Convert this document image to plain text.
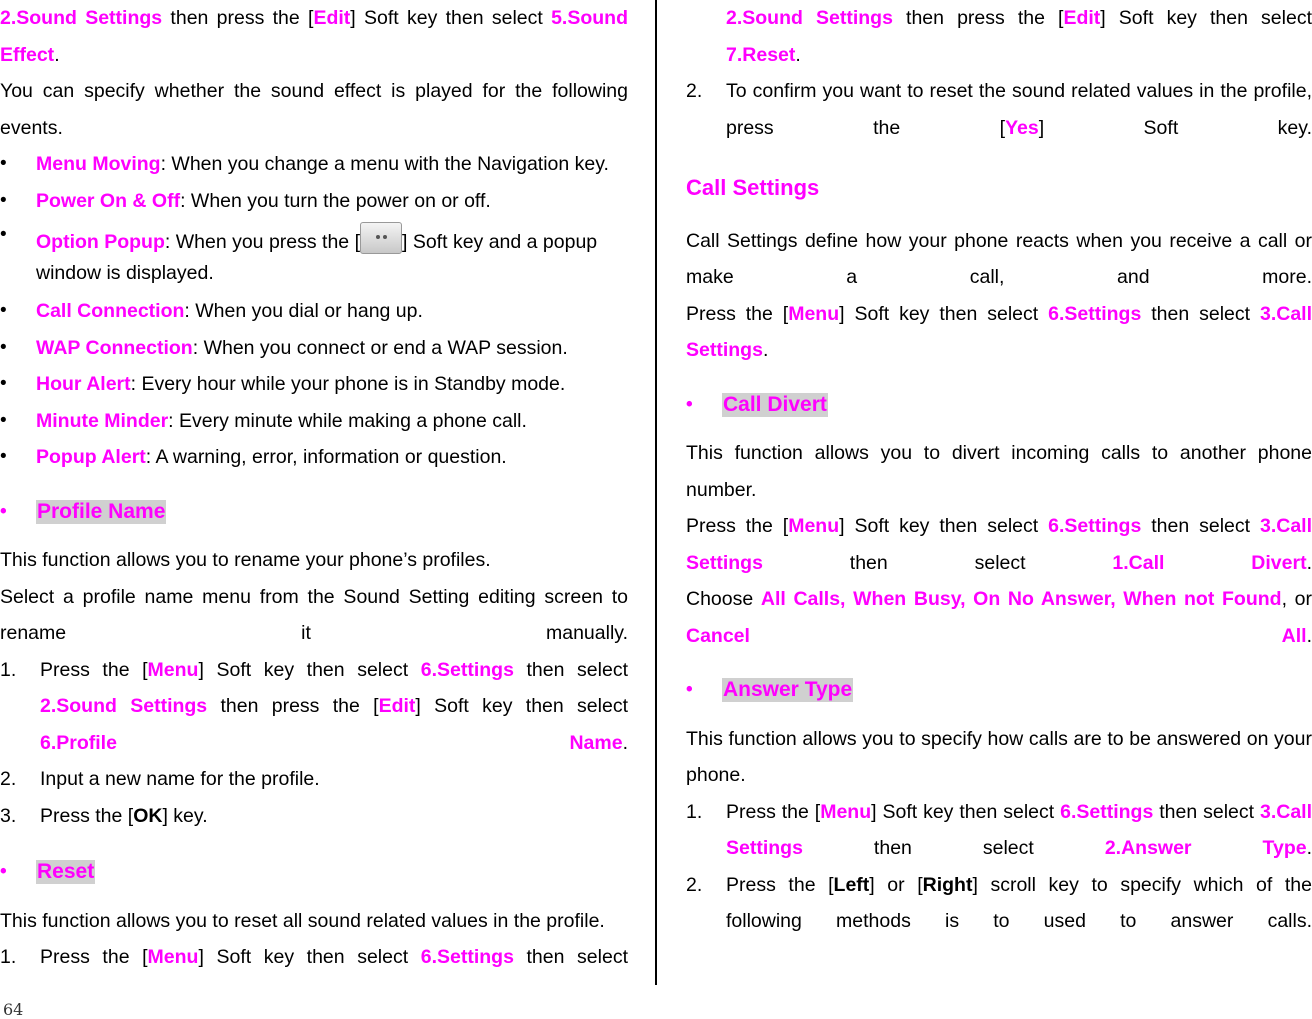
2.Sound Settings then press the [Edit] Soft key then select 5.Sound Effect.

You can specify whether the sound effect is played for the following events.

• Menu Moving: When you change a menu with the Navigation key.
• Power On & Off: When you turn the power on or off.
• Option Popup: When you press the [ ] Soft key and a popup window is displayed.
• Call Connection: When you dial or hang up.
• WAP Connection: When you connect or end a WAP session.
• Hour Alert: Every hour while your phone is in Standby mode.
• Minute Minder: Every minute while making a phone call.
• Popup Alert: A warning, error, information or question.
• Profile Name

This function allows you to rename your phone’s profiles.

Select a profile name menu from the Sound Setting editing screen to rename it manually.

1. Press the [Menu] Soft key then select 6.Settings then select 2.Sound Settings then press the [Edit] Soft key then select 6.Profile Name.
2. Input a new name for the profile.
3. Press the [OK] key.
• Reset

This function allows you to reset all sound related values in the profile.

1. Press the [Menu] Soft key then select 6.Settings then select
2.Sound Settings then press the [Edit] Soft key then select 7.Reset.
2. To confirm you want to reset the sound related values in the profile, press the [Yes] Soft key.
Call Settings

Call Settings define how your phone reacts when you receive a call or make a call, and more.

Press the [Menu] Soft key then select 6.Settings then select 3.Call Settings.

• Call Divert

This function allows you to divert incoming calls to another phone number.

Press the [Menu] Soft key then select 6.Settings then select 3.Call Settings then select 1.Call Divert.

Choose All Calls, When Busy, On No Answer, When not Found, or Cancel All.

• Answer Type

This function allows you to specify how calls are to be answered on your phone.

1. Press the [Menu] Soft key then select 6.Settings then select 3.Call Settings then select 2.Answer Type.
2. Press the [Left] or [Right] scroll key to specify which of the following methods is to used to answer calls.
64
